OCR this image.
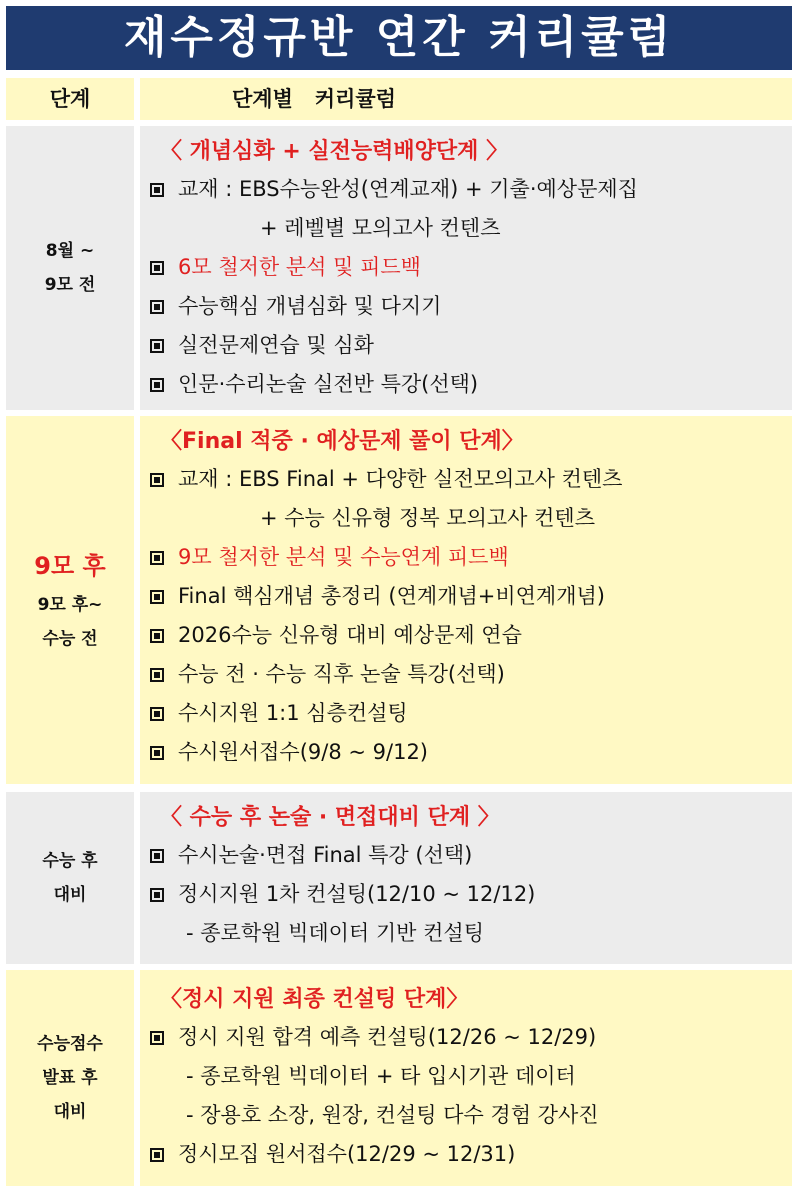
재수정규반 연간 커리큘럼
단계	단계별   커리큘럼
8월 ~
9모 전
〈 개념심화 + 실전능력배양단계 〉
교재 : EBS수능완성(연계교재) + 기출·예상문제집
+ 레벨별 모의고사 컨텐츠
6모 철저한 분석 및 피드백
수능핵심 개념심화 및 다지기
실전문제연습 및 심화
인문·수리논술 실전반 특강(선택)
9모 후
9모 후~
수능 전
〈Final 적중 · 예상문제 풀이 단계〉
교재 : EBS Final + 다양한 실전모의고사 컨텐츠
+ 수능 신유형 정복 모의고사 컨텐츠
9모 철저한 분석 및 수능연계 피드백
Final 핵심개념 총정리 (연계개념+비연계개념)
2026수능 신유형 대비 예상문제 연습
수능 전 · 수능 직후 논술 특강(선택)
수시지원 1:1 심층컨설팅
수시원서접수(9/8 ~ 9/12)
수능 후
대비
〈 수능 후 논술 · 면접대비 단계 〉
수시논술·면접 Final 특강 (선택)
정시지원 1차 컨설팅(12/10 ~ 12/12)
- 종로학원 빅데이터 기반 컨설팅
수능점수
발표 후
대비
〈정시 지원 최종 컨설팅 단계〉
정시 지원 합격 예측 컨설팅(12/26 ~ 12/29)
- 종로학원 빅데이터 + 타 입시기관 데이터
- 장용호 소장, 원장, 컨설팅 다수 경험 강사진
정시모집 원서접수(12/29 ~ 12/31)
